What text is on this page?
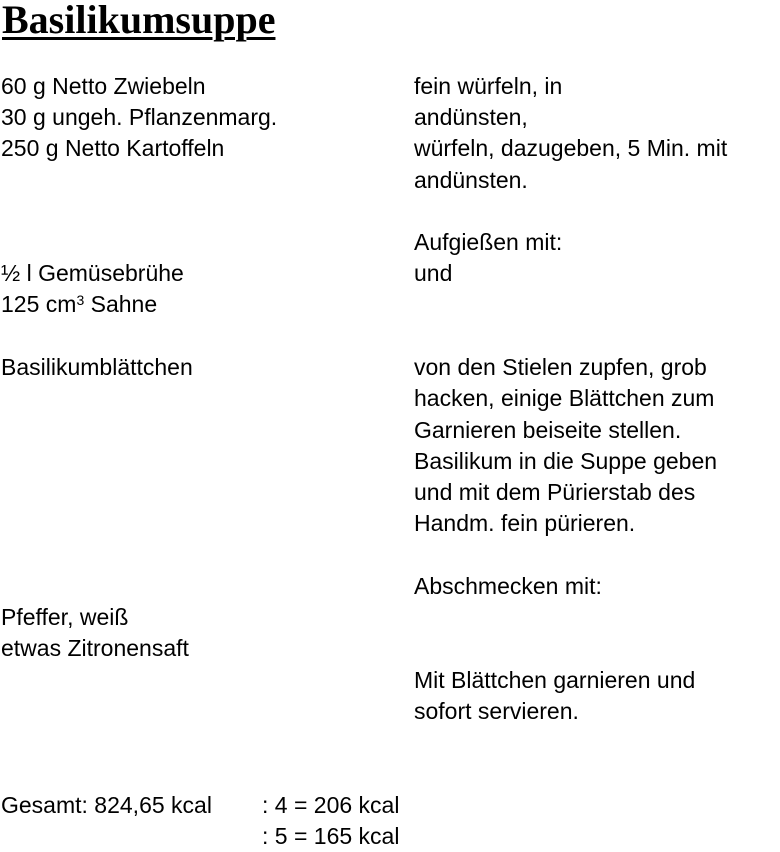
Basilikumsuppe

60 g Netto Zwiebeln

30 g ungeh. Pflanzenmarg.

250 g Netto Kartoffeln

½ l Gemüsebrühe

125 $cm^3$ Sahne

Basilikumblättchen

Pfeffer, weiß

etwas Zitronensaft

fein würfeln, in

andünsten,

würfeln, dazugeben, 5 Min. mit

andünsten.

Aufgießen mit:

und

von den Stielen zupfen, grob

hacken, einige Blättchen zum

Garnieren beiseite stellen.

Basilikum in die Suppe geben

und mit dem Pürierstab des

Handm. fein pürieren.

Abschmecken mit:

Mit Blättchen garnieren und

sofort servieren.

Gesamt: 824,65 kcal : 4 = 206 kcal

: 5 = 165 kcal
